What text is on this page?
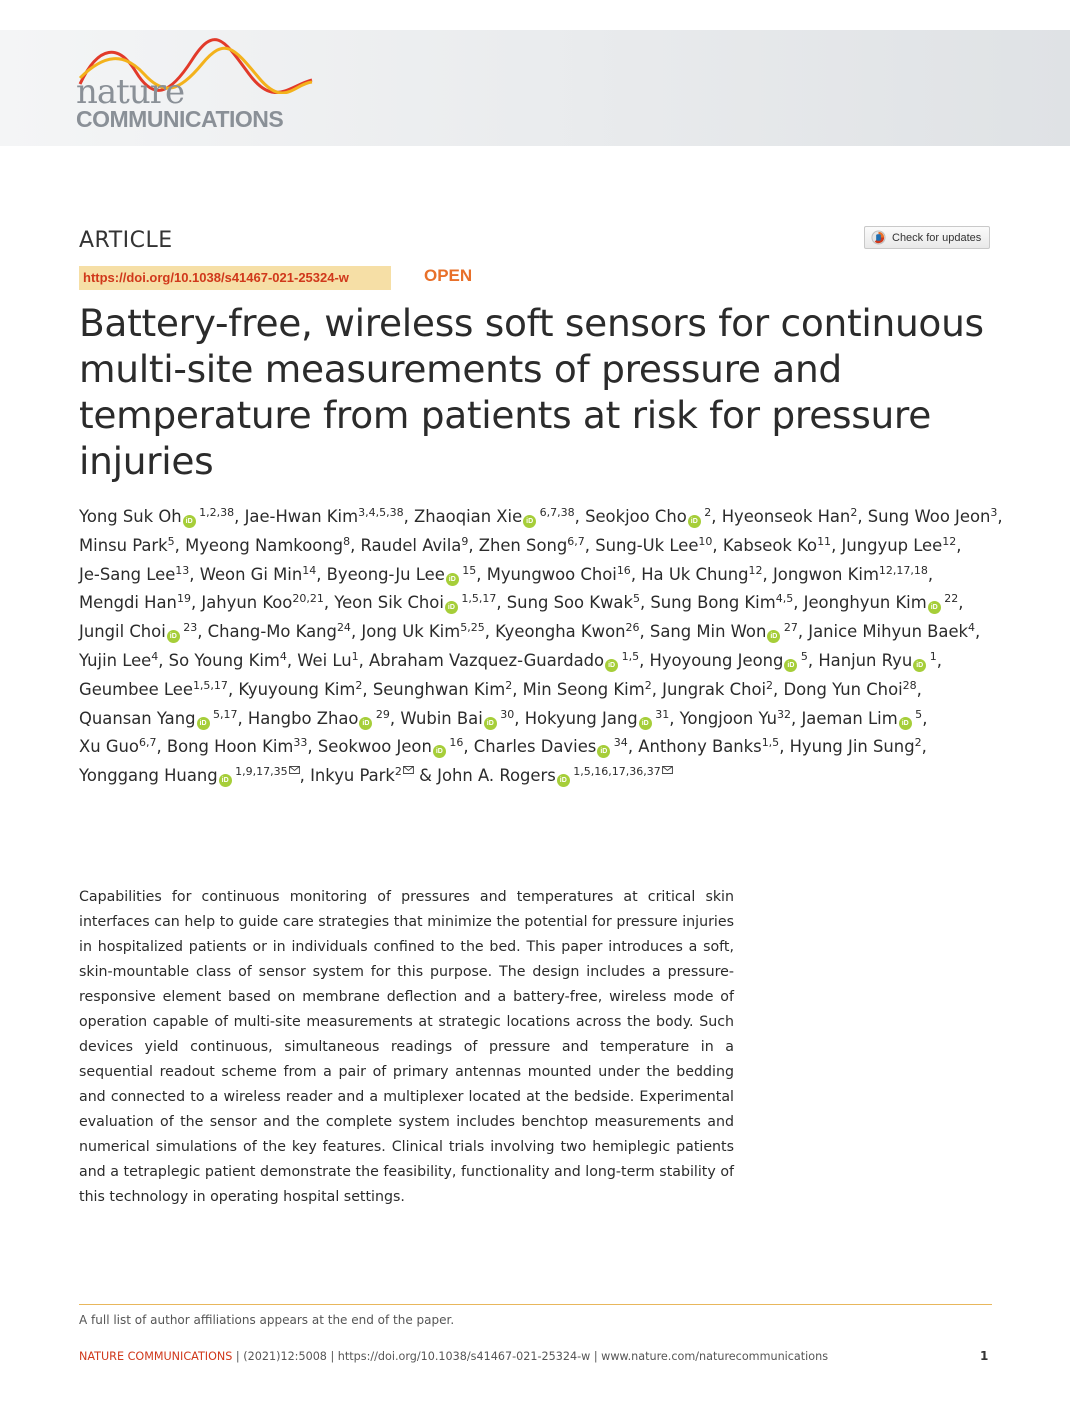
nature
COMMUNICATIONS
ARTICLE	Check for updates
https://doi.org/10.1038/s41467-021-25324-w	OPEN
Battery-free, wireless soft sensors for continuous multi-site measurements of pressure and temperature from patients at risk for pressure injuries
Yong Suk Oh iD $^{1,2,38}$, Jae-Hwan Kim$^{3,4,5,38}$, Zhaoqian Xie iD $^{6,7,38}$, Seokjoo Cho iD $^2$, Hyeonseok Han$^2$, Sung Woo Jeon$^3$, Minsu Park$^5$, Myeong Namkoong$^8$, Raudel Avila$^9$, Zhen Song$^{6,7}$, Sung-Uk Lee$^{10}$, Kabseok Ko$^{11}$, Jungyup Lee$^{12}$, Je-Sang Lee$^{13}$, Weon Gi Min$^{14}$, Byeong-Ju Lee iD $^{15}$, Myungwoo Choi$^{16}$, Ha Uk Chung$^{12}$, Jongwon Kim$^{12,17,18}$, Mengdi Han$^{19}$, Jahyun Koo$^{20,21}$, Yeon Sik Choi iD $^{1,5,17}$, Sung Soo Kwak$^5$, Sung Bong Kim$^{4,5}$, Jeonghyun Kim iD $^{22}$, Jungil Choi iD $^{23}$, Chang-Mo Kang$^{24}$, Jong Uk Kim$^{5,25}$, Kyeongha Kwon$^{26}$, Sang Min Won iD $^{27}$, Janice Mihyun Baek$^4$, Yujin Lee$^4$, So Young Kim$^4$, Wei Lu$^1$, Abraham Vazquez-Guardado iD $^{1,5}$, Hyoyoung Jeong iD $^5$, Hanjun Ryu iD $^1$, Geumbee Lee$^{1,5,17}$, Kyuyoung Kim$^2$, Seunghwan Kim$^2$, Min Seong Kim$^2$, Jungrak Choi$^2$, Dong Yun Choi$^{28}$, Quansan Yang iD $^{5,17}$, Hangbo Zhao iD $^{29}$, Wubin Bai iD $^{30}$, Hokyung Jang iD $^{31}$, Yongjoon Yu$^{32}$, Jaeman Lim iD $^5$, Xu Guo$^{6,7}$, Bong Hoon Kim$^{33}$, Seokwoo Jeon iD $^{16}$, Charles Davies iD $^{34}$, Anthony Banks$^{1,5}$, Hyung Jin Sung$^2$, Yonggang Huang iD $^{1,9,17,35}$ , Inkyu Park$^2$ & John A. Rogers iD $^{1,5,16,17,36,37}$

Capabilities for continuous monitoring of pressures and temperatures at critical skin interfaces can help to guide care strategies that minimize the potential for pressure injuries in hospitalized patients or in individuals confined to the bed. This paper introduces a soft, skin-mountable class of sensor system for this purpose. The design includes a pressure-responsive element based on membrane deflection and a battery-free, wireless mode of operation capable of multi-site measurements at strategic locations across the body. Such devices yield continuous, simultaneous readings of pressure and temperature in a sequential readout scheme from a pair of primary antennas mounted under the bedding and connected to a wireless reader and a multiplexer located at the bedside. Experimental evaluation of the sensor and the complete system includes benchtop measurements and numerical simulations of the key features. Clinical trials involving two hemiplegic patients and a tetraplegic patient demonstrate the feasibility, functionality and long-term stability of this technology in operating hospital settings.

A full list of author affiliations appears at the end of the paper.
NATURE COMMUNICATIONS | (2021)12:5008 | https://doi.org/10.1038/s41467-021-25324-w | www.nature.com/naturecommunications	1
